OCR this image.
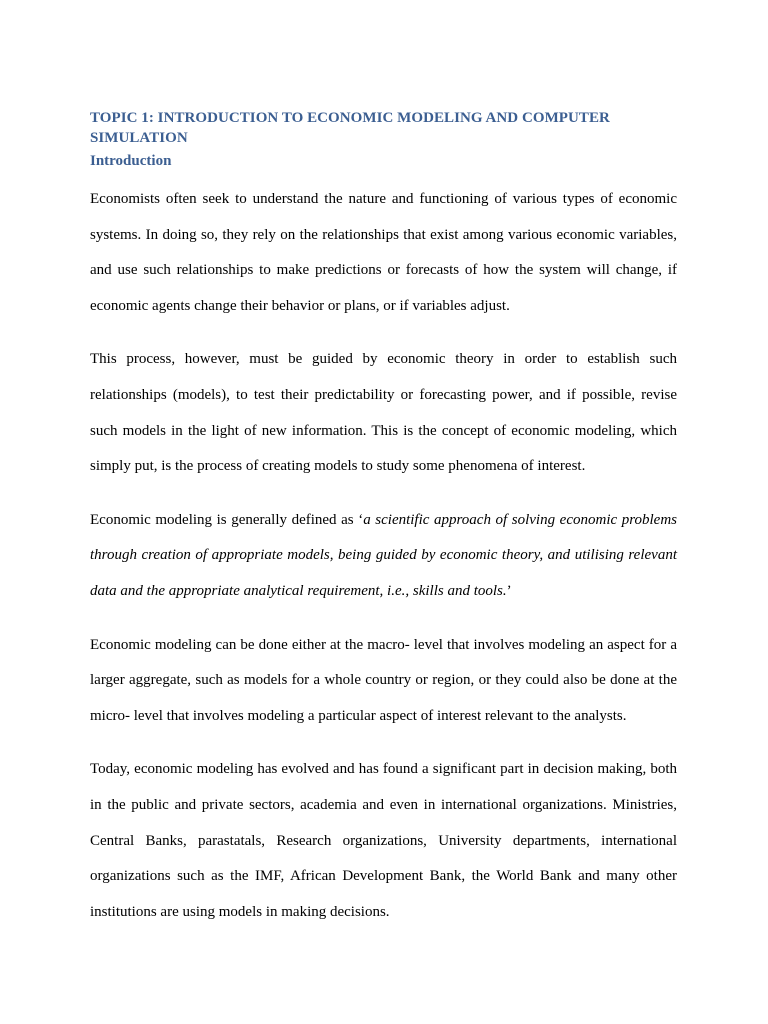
TOPIC 1: INTRODUCTION TO ECONOMIC MODELING AND COMPUTER SIMULATION
Introduction

Economists often seek to understand the nature and functioning of various types of economic systems. In doing so, they rely on the relationships that exist among various economic variables, and use such relationships to make predictions or forecasts of how the system will change, if economic agents change their behavior or plans, or if variables adjust.

This process, however, must be guided by economic theory in order to establish such relationships (models), to test their predictability or forecasting power, and if possible, revise such models in the light of new information. This is the concept of economic modeling, which simply put, is the process of creating models to study some phenomena of interest.

Economic modeling is generally defined as ‘a scientific approach of solving economic problems through creation of appropriate models, being guided by economic theory, and utilising relevant data and the appropriate analytical requirement, i.e., skills and tools.’

Economic modeling can be done either at the macro- level that involves modeling an aspect for a larger aggregate, such as models for a whole country or region, or they could also be done at the micro- level that involves modeling a particular aspect of interest relevant to the analysts.

Today, economic modeling has evolved and has found a significant part in decision making, both in the public and private sectors, academia and even in international organizations. Ministries, Central Banks, parastatals, Research organizations, University departments, international organizations such as the IMF, African Development Bank, the World Bank and many other institutions are using models in making decisions.
